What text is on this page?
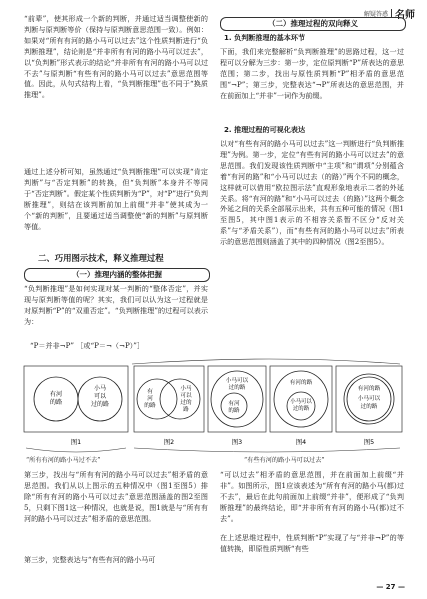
解疑答惑 名师
“前辈”，使其形成一个新的判断，并通过适当调整使新的判断与原判断等价（保持与原判断意思范围一致）。例如：如果对“所有有河的路小马可以过去”这个性质判断进行“负判断推理”，结论则是“并非所有有河的路小马可以过去”，以“负判断”形式表示的结论“并非所有有河的路小马可以过不去”与原判断“有些有河的路小马可以过去”意思范围等值。因此，从句式结构上看，“负判断推理”也不同于“换质推理”。
通过上述分析可知，虽然通过“负判断推理”可以实现“肯定判断”与“否定判断”的转换，但“负判断”本身并不等同于“否定判断”。假定某个性质判断为“P”，对“P”进行“负判断推理”，则结在该判断前加上前缀“并非”使其成为一个“新的判断”，且要通过适当调整使“新的判断”与原判断等值。
二、巧用图示技术，释义推理过程
（一）推理内涵的整体把握
“负判断推理”是如何实现对某一判断的“整体否定”，并实现与原判断等值的呢？其实，我们可以认为这一过程就是对原判断“P”的“双重否定”。“负判断推理”的过程可以表示为：
“P＝并非¬P” ［或“P＝¬（¬P）”］
（二）推理过程的双向释义
1. 负判断推理的基本环节
下面，我们来完整解析“负判断推理”的思路过程，这一过程可以分解为三步：第一步，定位原判断“P”所表达的意思范围；第二步，找出与原性质判断“P”相矛盾的意思范围“¬P”；第三步，完整表达“¬P”所表达的意思范围，并在前面加上“并非”一词作为前缀。
2. 推理过程的可视化表达
以对“有些有河的路小马可以过去”这一判断进行“负判断推理”为例。第一步，定位“有些有河的路小马可以过去”的意思范围。我们发现该性质判断中“主项”和“谓项”分别蕴含着“有河的路”和“小马可以过去（的路）”两个不同的概念，这样就可以借用“欧拉图示法”直观形象地表示二者的外延关系。将“有河的路”和“小马可以过去（的路）”这两个概念外延之间的关系全部展示出来，共有五种可能的情况（图1至图5，其中图1表示的不相容关系暂不区分“反对关系”与“矛盾关系”），而“有些有河的路小马可以过去”所表示的意思范围则涵盖了其中的四种情况（图2至图5）。
有河
的路
小马
可以
过的路
图1
有
河
的路
小马
可以
过的
路
图2
小马可以
过的路
有河
的路
图3
有河的路
小马可以
过的路
图4
有河的路
小马可以
过的路
图5
“所有有河的路小马过不去”	“有些有河的路小马可以过去”
第三步，找出与“所有有河的路小马可以过去”相矛盾的意思范围。我们从以上图示的五种情况中（图1至图5）排除“所有有河的路小马可以过去”意思范围涵盖的图2至图5，只剩下图1这一种情况，也就是说，图1就是与“所有有河的路小马可以过去”相矛盾的意思范围。
第三步，完整表达与“有些有河的路小马可
“可以过去”相矛盾的意思范围，并在前面加上前缀“并非”。如图所示，图1应该表述为“所有有河的路小马(都)过不去”，最后在此句前面加上前缀“并非”，便形成了“负判断推理”的最终结论，即“并非所有有河的路小马(都)过不去”。
在上述思维过程中，性质判断“P”实现了与“并非¬P”的等值转换，即原性质判断“有些
— 27 —
